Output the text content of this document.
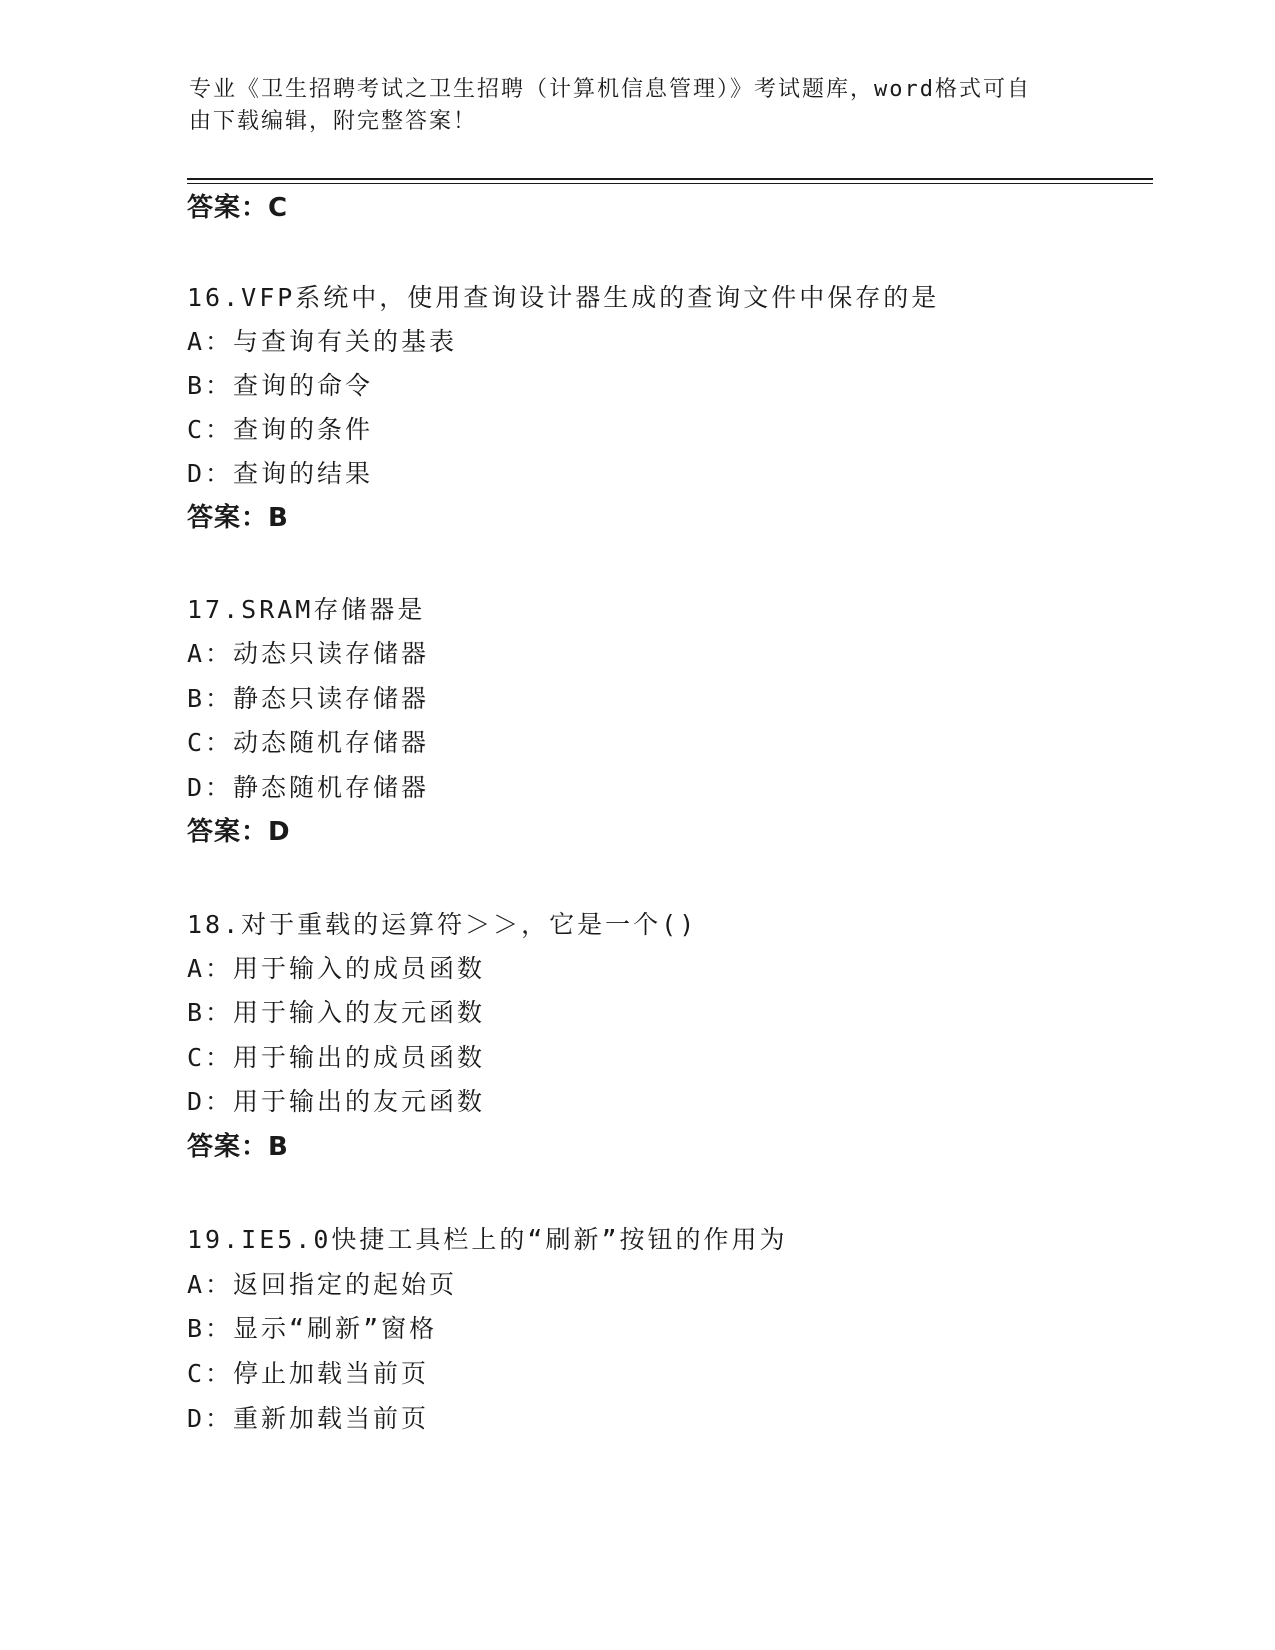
专业《卫生招聘考试之卫生招聘（计算机信息管理）》考试题库，word格式可自
由下载编辑，附完整答案！
答案：C
16.VFP系统中，使用查询设计器生成的查询文件中保存的是
A：与查询有关的基表
B：查询的命令
C：查询的条件
D：查询的结果
答案：B
17.SRAM存储器是
A：动态只读存储器
B：静态只读存储器
C：动态随机存储器
D：静态随机存储器
答案：D
18.对于重载的运算符＞＞，它是一个()
A：用于输入的成员函数
B：用于输入的友元函数
C：用于输出的成员函数
D：用于输出的友元函数
答案：B
19.IE5.0快捷工具栏上的“刷新”按钮的作用为
A：返回指定的起始页
B：显示“刷新”窗格
C：停止加载当前页
D：重新加载当前页
